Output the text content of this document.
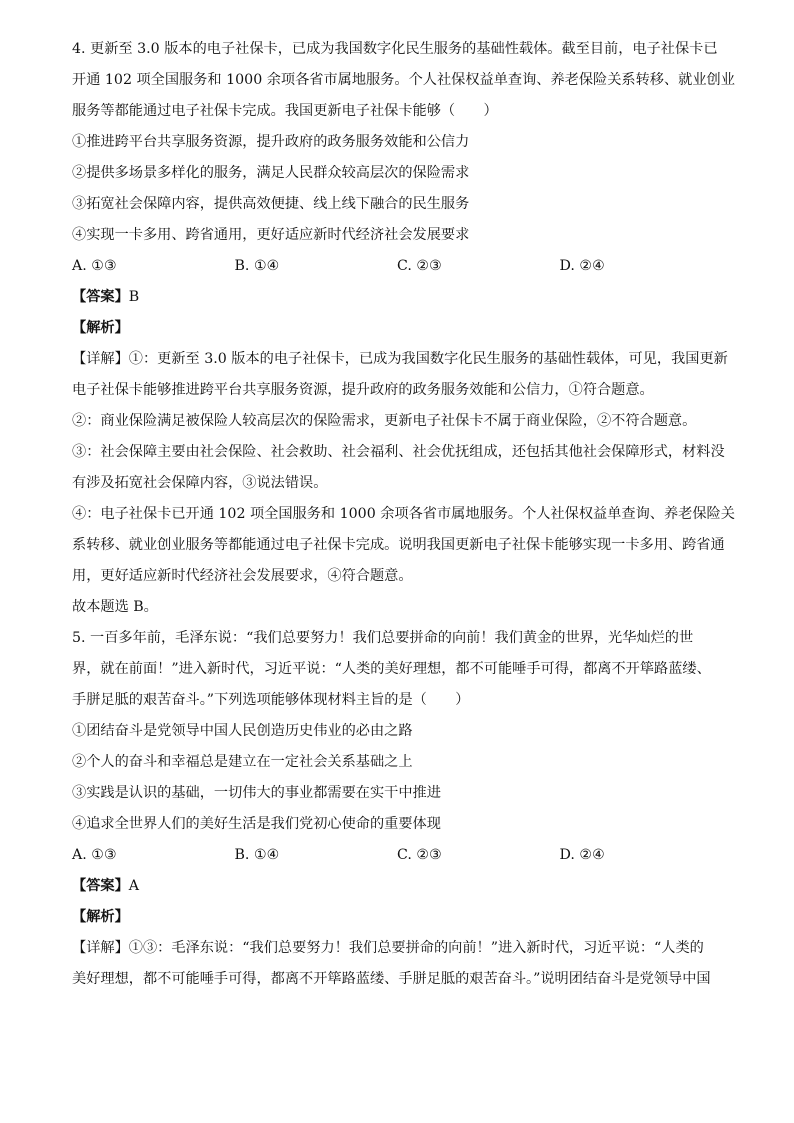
4. 更新至 3.0 版本的电子社保卡，已成为我国数字化民生服务的基础性载体。截至目前，电子社保卡已
开通 102 项全国服务和 1000 余项各省市属地服务。个人社保权益单查询、养老保险关系转移、就业创业
服务等都能通过电子社保卡完成。我国更新电子社保卡能够（　　）
①推进跨平台共享服务资源，提升政府的政务服务效能和公信力
②提供多场景多样化的服务，满足人民群众较高层次的保险需求
③拓宽社会保障内容，提供高效便捷、线上线下融合的民生服务
④实现一卡多用、跨省通用，更好适应新时代经济社会发展要求
A. ①③	B. ①④	C. ②③	D. ②④
【答案】B
【解析】
【详解】①：更新至 3.0 版本的电子社保卡，已成为我国数字化民生服务的基础性载体，可见，我国更新
电子社保卡能够推进跨平台共享服务资源，提升政府的政务服务效能和公信力，①符合题意。
②：商业保险满足被保险人较高层次的保险需求，更新电子社保卡不属于商业保险，②不符合题意。
③：社会保障主要由社会保险、社会救助、社会福利、社会优抚组成，还包括其他社会保障形式，材料没
有涉及拓宽社会保障内容，③说法错误。
④：电子社保卡已开通 102 项全国服务和 1000 余项各省市属地服务。个人社保权益单查询、养老保险关
系转移、就业创业服务等都能通过电子社保卡完成。说明我国更新电子社保卡能够实现一卡多用、跨省通
用，更好适应新时代经济社会发展要求，④符合题意。
故本题选 B。
5. 一百多年前，毛泽东说：“我们总要努力！我们总要拼命的向前！我们黄金的世界，光华灿烂的世
界，就在前面！”进入新时代，习近平说：“人类的美好理想，都不可能唾手可得，都离不开筚路蓝缕、
手胼足胝的艰苦奋斗。”下列选项能够体现材料主旨的是（　　）
①团结奋斗是党领导中国人民创造历史伟业的必由之路
②个人的奋斗和幸福总是建立在一定社会关系基础之上
③实践是认识的基础，一切伟大的事业都需要在实干中推进
④追求全世界人们的美好生活是我们党初心使命的重要体现
A. ①③	B. ①④	C. ②③	D. ②④
【答案】A
【解析】
【详解】①③：毛泽东说：“我们总要努力！我们总要拼命的向前！”进入新时代，习近平说：“人类的
美好理想，都不可能唾手可得，都离不开筚路蓝缕、手胼足胝的艰苦奋斗。”说明团结奋斗是党领导中国
